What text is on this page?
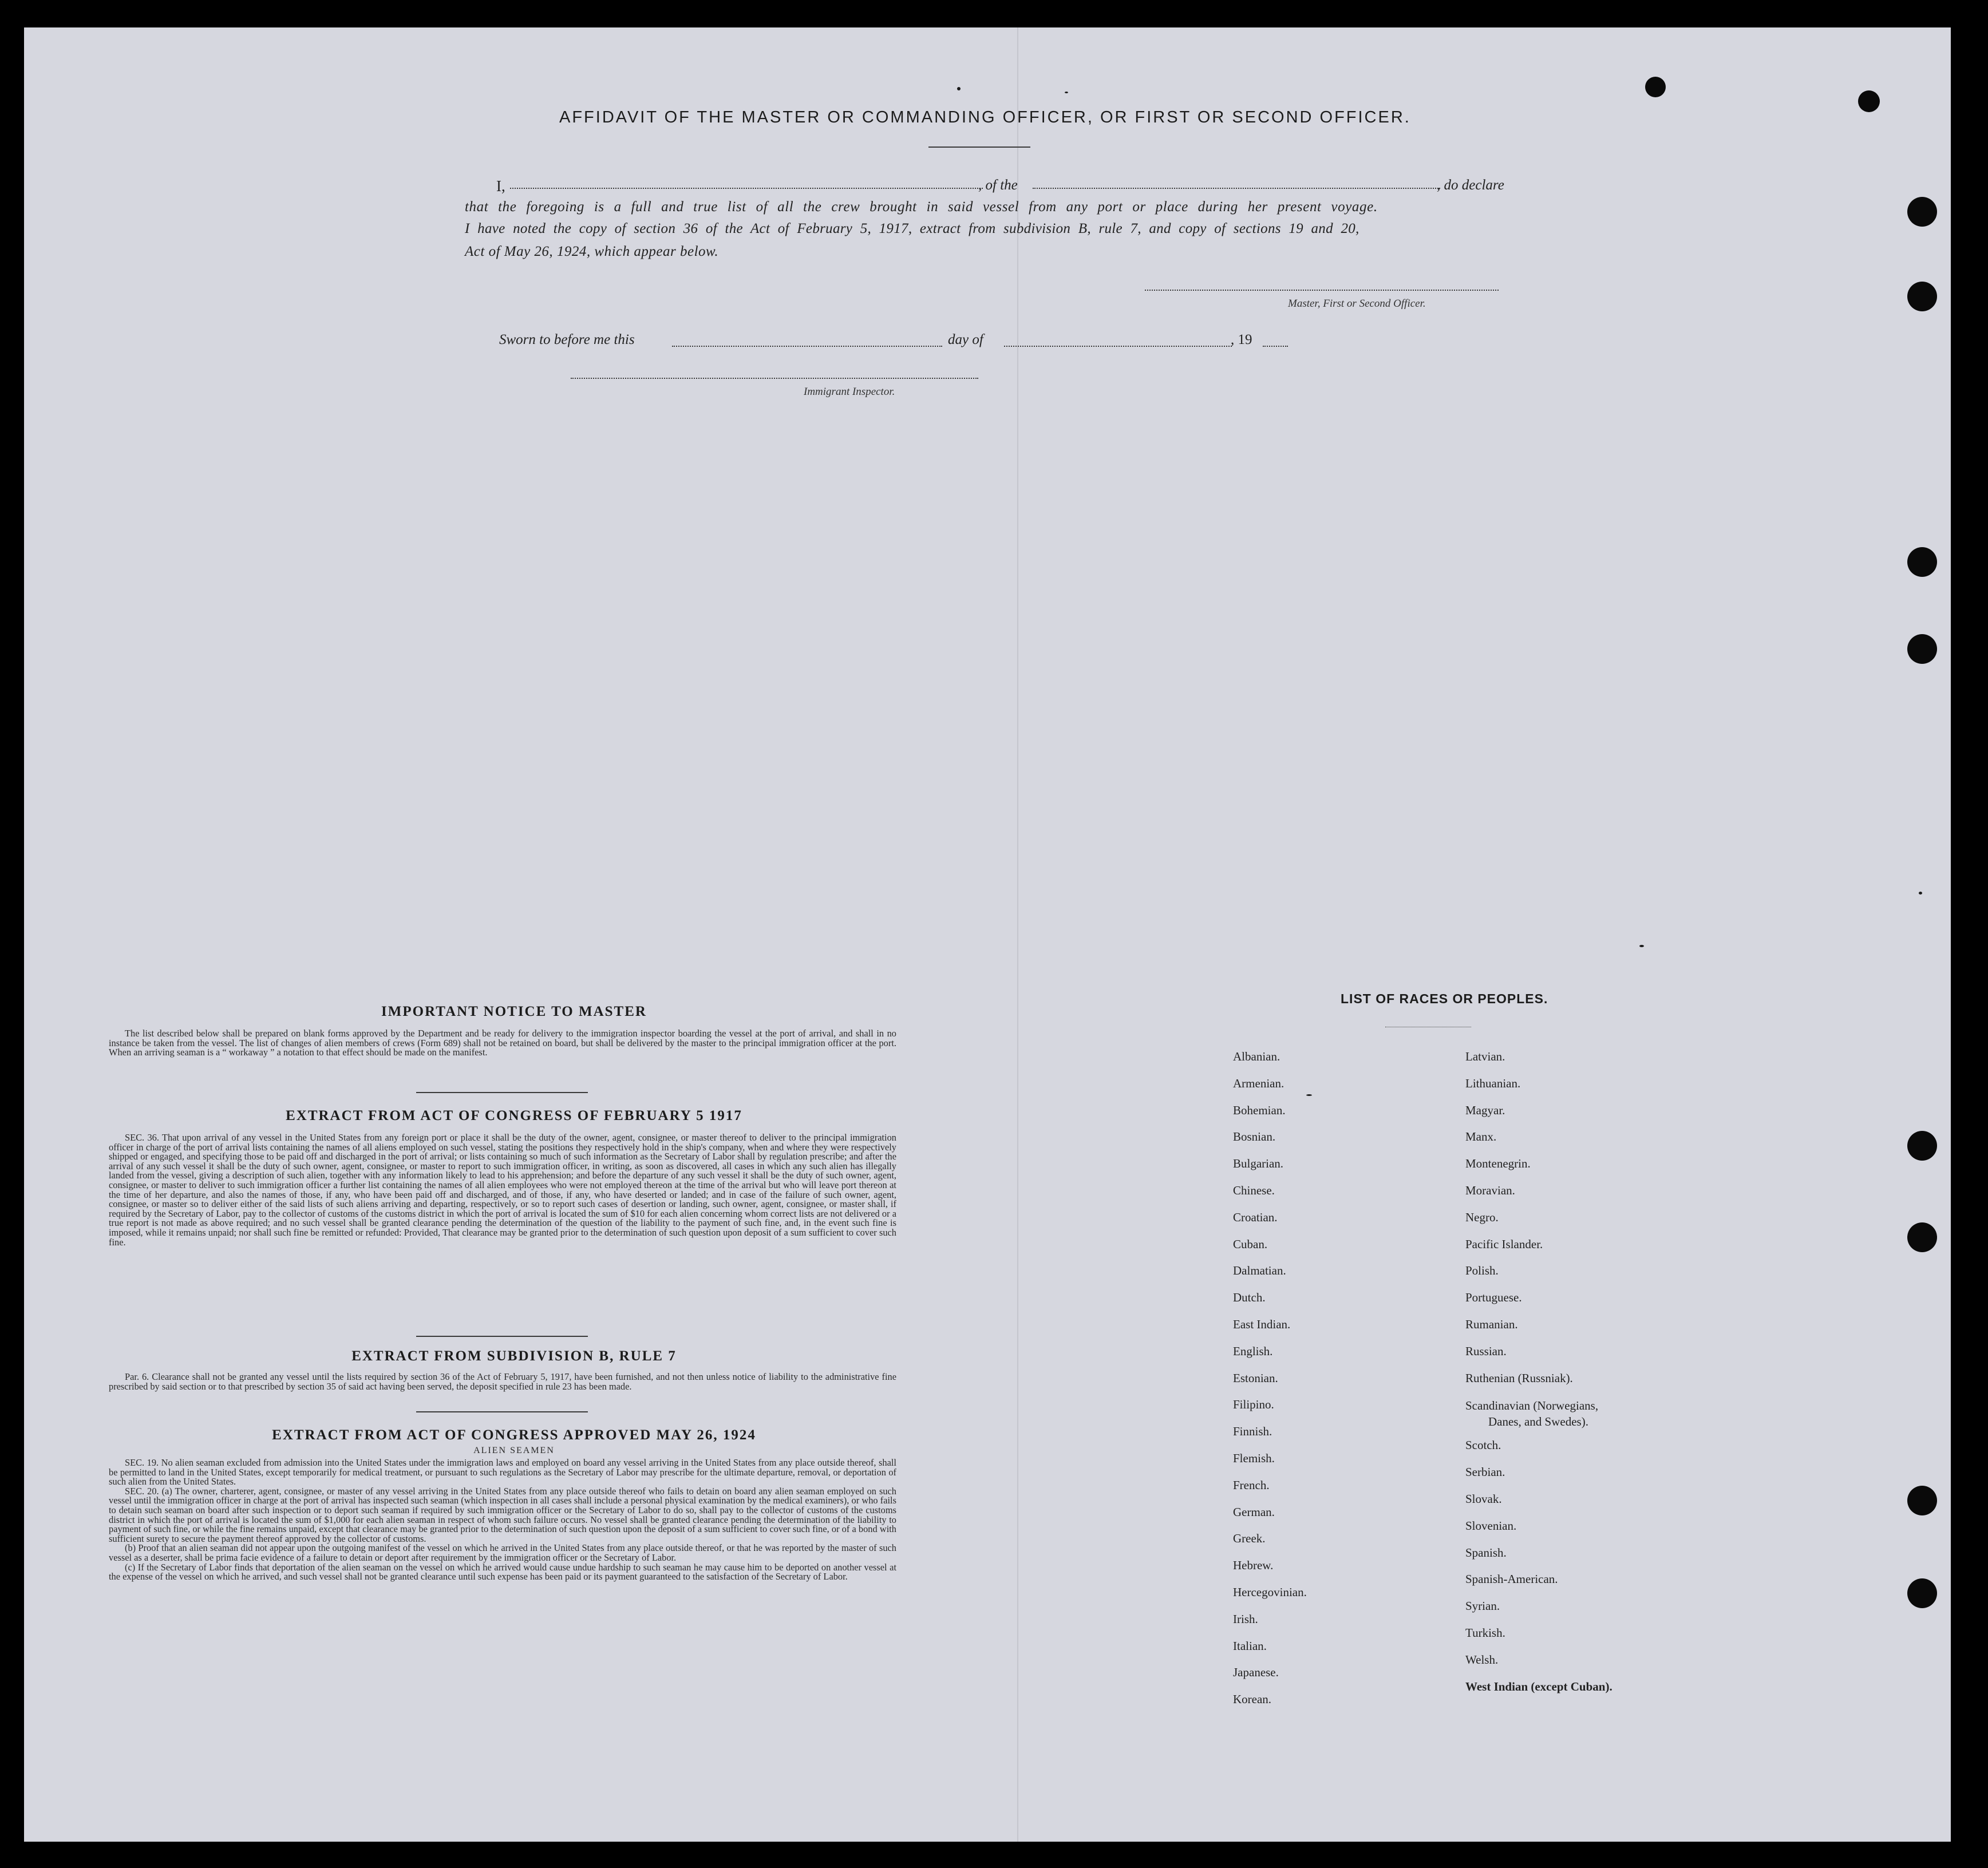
AFFIDAVIT OF THE MASTER OR COMMANDING OFFICER, OR FIRST OR SECOND OFFICER.
I,	, of the	, do declare
that the foregoing is a full and true list of all the crew brought in said vessel from any port or place during her present voyage.
I have noted the copy of section 36 of the Act of February 5, 1917, extract from subdivision B, rule 7, and copy of sections 19 and 20,
Act of May 26, 1924, which appear below.
Master, First or Second Officer.
Sworn to before me this	day of	, 19
Immigrant Inspector.
IMPORTANT NOTICE TO MASTER

The list described below shall be prepared on blank forms approved by the Department and be ready for delivery to the immigration inspector boarding the vessel at the port of arrival, and shall in no instance be taken from the vessel. The list of changes of alien members of crews (Form 689) shall not be retained on board, but shall be delivered by the master to the principal immigration officer at the port. When an arriving seaman is a “ workaway ” a notation to that effect should be made on the manifest.

EXTRACT FROM ACT OF CONGRESS OF FEBRUARY 5 1917

SEC. 36. That upon arrival of any vessel in the United States from any foreign port or place it shall be the duty of the owner, agent, consignee, or master thereof to deliver to the principal immigration officer in charge of the port of arrival lists containing the names of all aliens employed on such vessel, stating the positions they respectively hold in the ship's company, when and where they were respectively shipped or engaged, and specifying those to be paid off and discharged in the port of arrival; or lists containing so much of such information as the Secretary of Labor shall by regulation prescribe; and after the arrival of any such vessel it shall be the duty of such owner, agent, consignee, or master to report to such immigration officer, in writing, as soon as discovered, all cases in which any such alien has illegally landed from the vessel, giving a description of such alien, together with any information likely to lead to his apprehension; and before the departure of any such vessel it shall be the duty of such owner, agent, consignee, or master to deliver to such immigration officer a further list containing the names of all alien employees who were not employed thereon at the time of the arrival but who will leave port thereon at the time of her departure, and also the names of those, if any, who have been paid off and discharged, and of those, if any, who have deserted or landed; and in case of the failure of such owner, agent, consignee, or master so to deliver either of the said lists of such aliens arriving and departing, respectively, or so to report such cases of desertion or landing, such owner, agent, consignee, or master shall, if required by the Secretary of Labor, pay to the collector of customs of the customs district in which the port of arrival is located the sum of $10 for each alien concerning whom correct lists are not delivered or a true report is not made as above required; and no such vessel shall be granted clearance pending the determination of the question of the liability to the payment of such fine, and, in the event such fine is imposed, while it remains unpaid; nor shall such fine be remitted or refunded: Provided, That clearance may be granted prior to the determination of such question upon deposit of a sum sufficient to cover such fine.

EXTRACT FROM SUBDIVISION B, RULE 7

Par. 6. Clearance shall not be granted any vessel until the lists required by section 36 of the Act of February 5, 1917, have been furnished, and not then unless notice of liability to the administrative fine prescribed by said section or to that prescribed by section 35 of said act having been served, the deposit specified in rule 23 has been made.

EXTRACT FROM ACT OF CONGRESS APPROVED MAY 26, 1924
ALIEN SEAMEN

SEC. 19. No alien seaman excluded from admission into the United States under the immigration laws and employed on board any vessel arriving in the United States from any place outside thereof, shall be permitted to land in the United States, except temporarily for medical treatment, or pursuant to such regulations as the Secretary of Labor may prescribe for the ultimate departure, removal, or deportation of such alien from the United States.

SEC. 20. (a) The owner, charterer, agent, consignee, or master of any vessel arriving in the United States from any place outside thereof who fails to detain on board any alien seaman employed on such vessel until the immigration officer in charge at the port of arrival has inspected such seaman (which inspection in all cases shall include a personal physical examination by the medical examiners), or who fails to detain such seaman on board after such inspection or to deport such seaman if required by such immigration officer or the Secretary of Labor to do so, shall pay to the collector of customs of the customs district in which the port of arrival is located the sum of $1,000 for each alien seaman in respect of whom such failure occurs. No vessel shall be granted clearance pending the determination of the liability to payment of such fine, or while the fine remains unpaid, except that clearance may be granted prior to the determination of such question upon the deposit of a sum sufficient to cover such fine, or of a bond with sufficient surety to secure the payment thereof approved by the collector of customs.

(b) Proof that an alien seaman did not appear upon the outgoing manifest of the vessel on which he arrived in the United States from any place outside thereof, or that he was reported by the master of such vessel as a deserter, shall be prima facie evidence of a failure to detain or deport after requirement by the immigration officer or the Secretary of Labor.

(c) If the Secretary of Labor finds that deportation of the alien seaman on the vessel on which he arrived would cause undue hardship to such seaman he may cause him to be deported on another vessel at the expense of the vessel on which he arrived, and such vessel shall not be granted clearance until such expense has been paid or its payment guaranteed to the satisfaction of the Secretary of Labor.

LIST OF RACES OR PEOPLES.
Albanian.
Armenian.
Bohemian.
Bosnian.
Bulgarian.
Chinese.
Croatian.
Cuban.
Dalmatian.
Dutch.
East Indian.
English.
Estonian.
Filipino.
Finnish.
Flemish.
French.
German.
Greek.
Hebrew.
Hercegovinian.
Irish.
Italian.
Japanese.
Korean.
Latvian.
Lithuanian.
Magyar.
Manx.
Montenegrin.
Moravian.
Negro.
Pacific Islander.
Polish.
Portuguese.
Rumanian.
Russian.
Ruthenian (Russniak).
Scandinavian (Norwegians,
Danes, and Swedes).
Scotch.
Serbian.
Slovak.
Slovenian.
Spanish.
Spanish-American.
Syrian.
Turkish.
Welsh.
West Indian (except Cuban).
